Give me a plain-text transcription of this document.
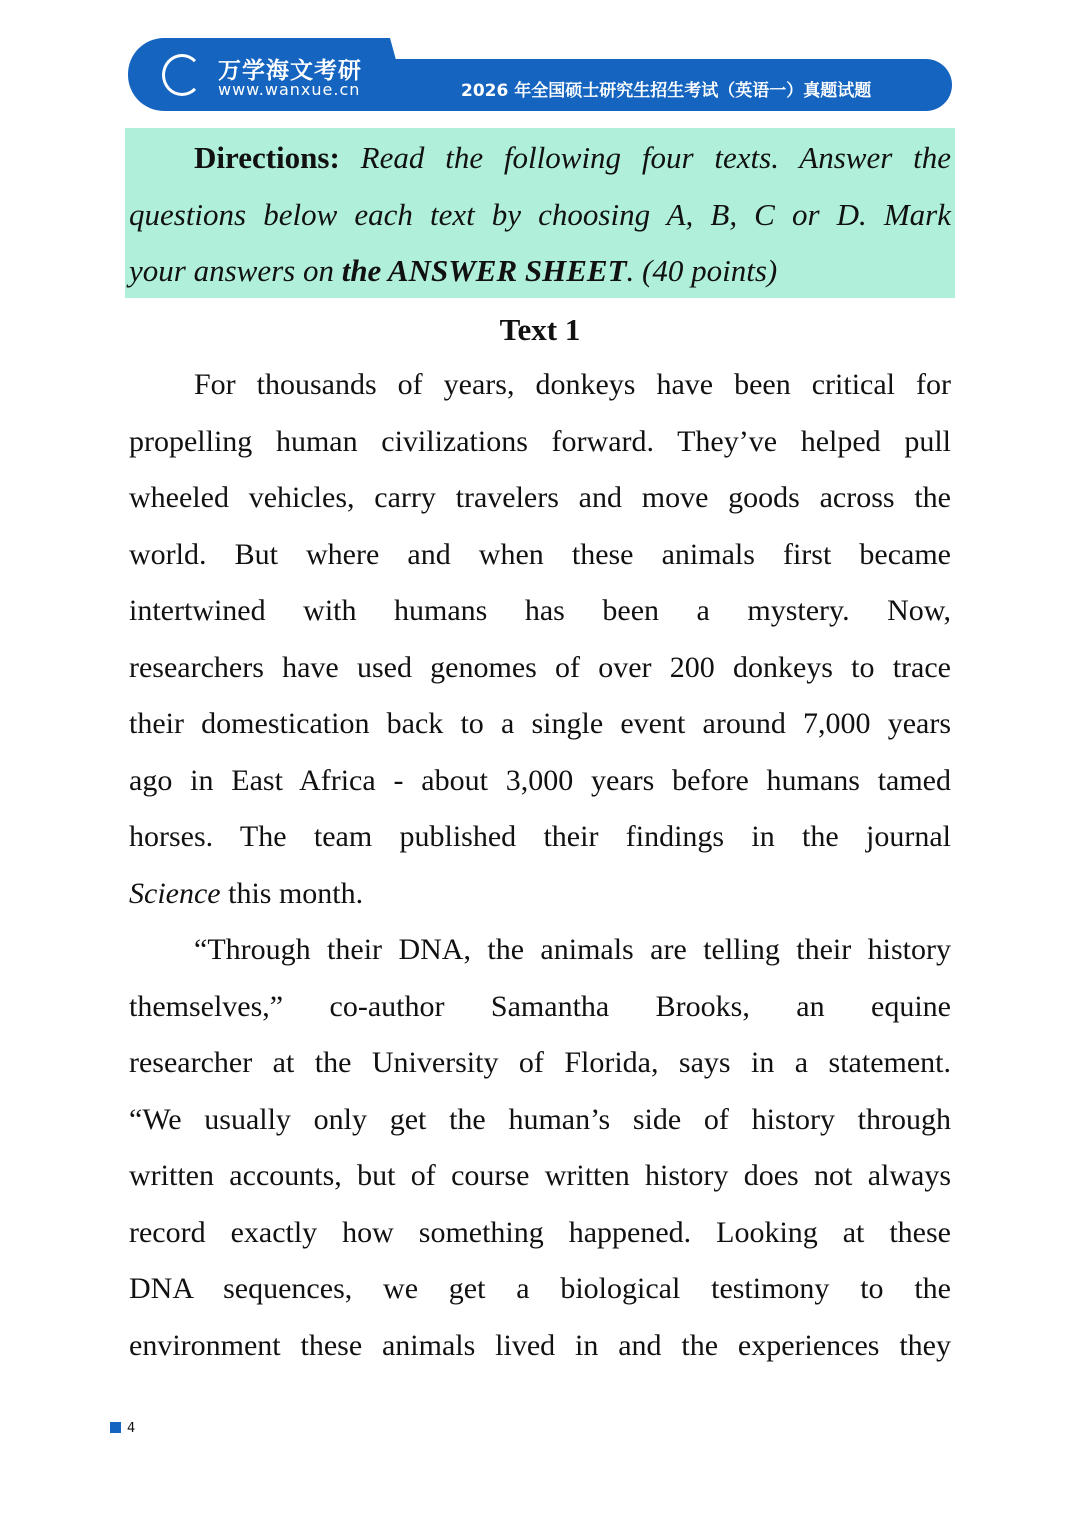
万学海文考研
www.wanxue.cn	2026 年全国硕士研究生招生考试（英语一）真题试题
Directions: Read the following four texts. Answer the
questions below each text by choosing A, B, C or D. Mark
your answers on the ANSWER SHEET. (40 points)
Text 1
4
For thousands of years, donkeys have been critical for
propelling human civilizations forward. They’ve helped pull
wheeled vehicles, carry travelers and move goods across the
world. But where and when these animals first became
intertwined with humans has been a mystery. Now,
researchers have used genomes of over 200 donkeys to trace
their domestication back to a single event around 7,000 years
ago in East Africa - about 3,000 years before humans tamed
horses. The team published their findings in the journal
Science this month.
“Through their DNA, the animals are telling their history
themselves,” co-author Samantha Brooks, an equine
researcher at the University of Florida, says in a statement.
“We usually only get the human’s side of history through
written accounts, but of course written history does not always
record exactly how something happened. Looking at these
DNA sequences, we get a biological testimony to the
environment these animals lived in and the experiences they
